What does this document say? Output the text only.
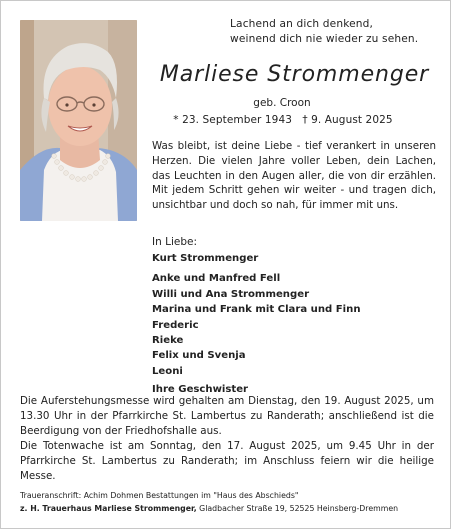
Lachend an dich denkend,
weinend dich nie wieder zu sehen.
Marliese Strommenger
geb. Croon
* 23. September 1943   † 9. August 2025
Was bleibt, ist deine Liebe - tief verankert in unseren Herzen. Die vielen Jahre voller Leben, dein Lachen, das Leuchten in den Augen aller, die von dir erzählen. Mit jedem Schritt gehen wir weiter - und tragen dich, unsichtbar und doch so nah, für immer mit uns.
In Liebe:
Kurt Strommenger
Anke und Manfred Fell
Willi und Ana Strommenger
Marina und Frank mit Clara und Finn
Frederic
Rieke
Felix und Svenja
Leoni
Ihre Geschwister
Die Auferstehungsmesse wird gehalten am Dienstag, den 19. August 2025, um 13.30 Uhr in der Pfarrkirche St. Lambertus zu Randerath; anschließend ist die Beerdigung von der Friedhofshalle aus.
Die Totenwache ist am Sonntag, den 17. August 2025, um 9.45 Uhr in der Pfarrkirche St. Lambertus zu Randerath; im Anschluss feiern wir die heilige Messe.
Traueranschrift: Achim Dohmen Bestattungen im "Haus des Abschieds"
z. H. Trauerhaus Marliese Strommenger, Gladbacher Straße 19, 52525 Heinsberg-Dremmen
